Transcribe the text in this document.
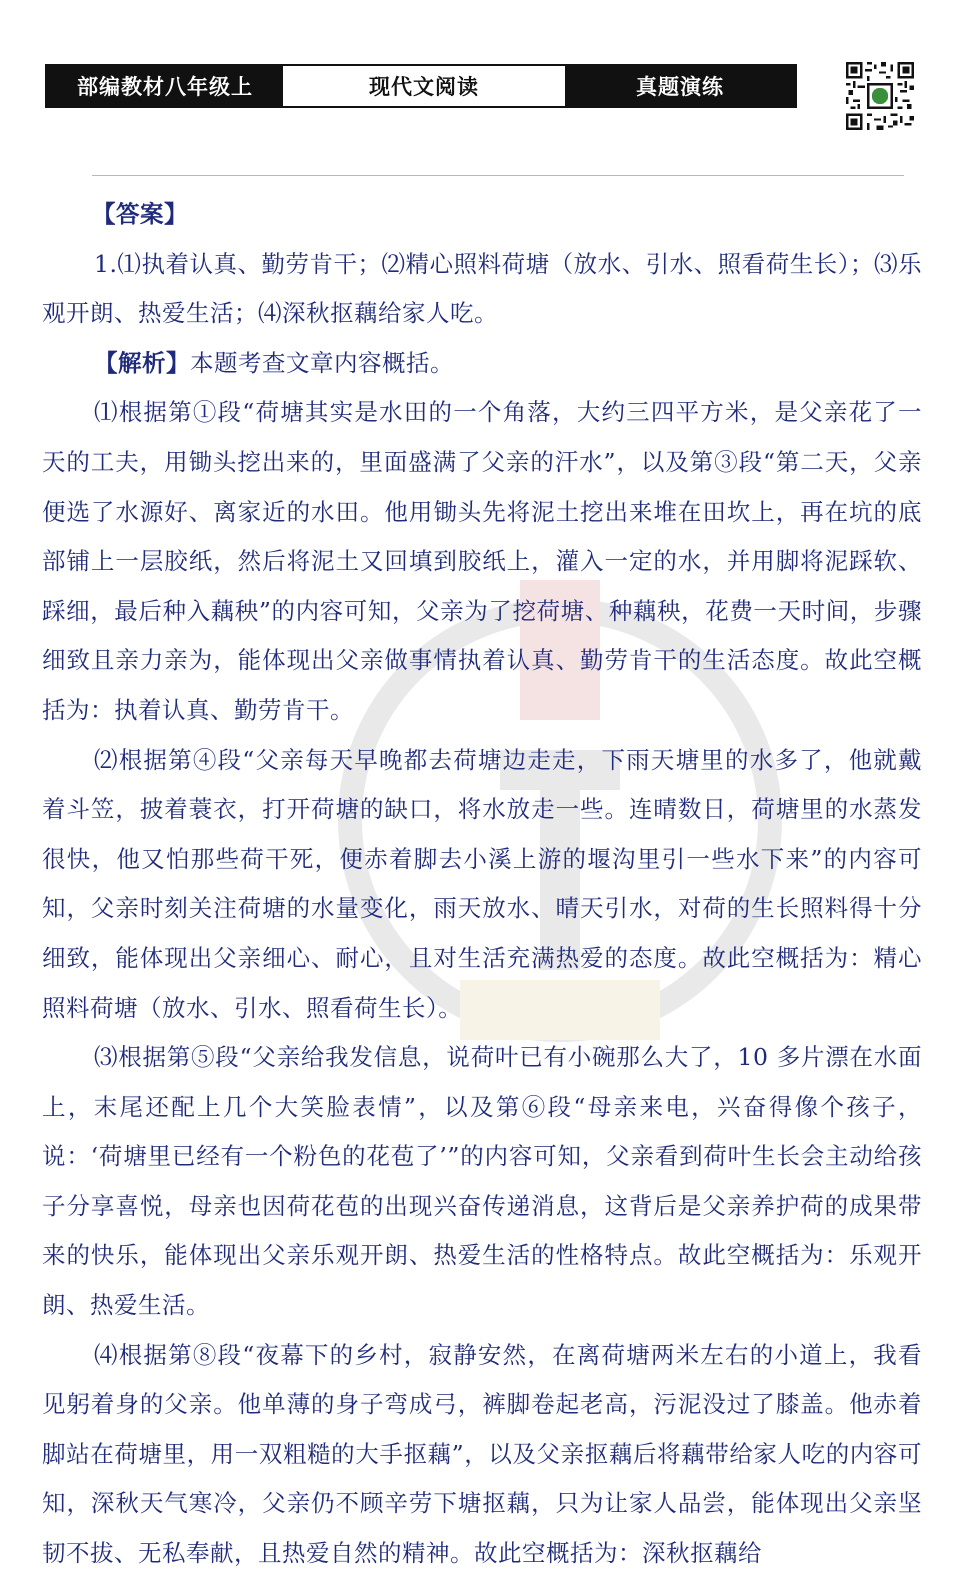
部编教材八年级上	现代文阅读	真题演练

【答案】

1.⑴执着认真、勤劳肯干；⑵精心照料荷塘（放水、引水、照看荷生长）；⑶乐观开朗、热爱生活；⑷深秋抠藕给家人吃。

【解析】本题考查文章内容概括。

⑴根据第①段“荷塘其实是水田的一个角落，大约三四平方米，是父亲花了一天的工夫，用锄头挖出来的，里面盛满了父亲的汗水”，以及第③段“第二天，父亲便选了水源好、离家近的水田。他用锄头先将泥土挖出来堆在田坎上，再在坑的底部铺上一层胶纸，然后将泥土又回填到胶纸上，灌入一定的水，并用脚将泥踩软、踩细，最后种入藕秧”的内容可知，父亲为了挖荷塘、种藕秧，花费一天时间，步骤细致且亲力亲为，能体现出父亲做事情执着认真、勤劳肯干的生活态度。故此空概括为：执着认真、勤劳肯干。

⑵根据第④段“父亲每天早晚都去荷塘边走走，下雨天塘里的水多了，他就戴着斗笠，披着蓑衣，打开荷塘的缺口，将水放走一些。连晴数日，荷塘里的水蒸发很快，他又怕那些荷干死，便赤着脚去小溪上游的堰沟里引一些水下来”的内容可知，父亲时刻关注荷塘的水量变化，雨天放水、晴天引水，对荷的生长照料得十分细致，能体现出父亲细心、耐心，且对生活充满热爱的态度。故此空概括为：精心照料荷塘（放水、引水、照看荷生长）。

⑶根据第⑤段“父亲给我发信息，说荷叶已有小碗那么大了，10 多片漂在水面上，末尾还配上几个大笑脸表情”，以及第⑥段“母亲来电，兴奋得像个孩子，说：‘荷塘里已经有一个粉色的花苞了’”的内容可知，父亲看到荷叶生长会主动给孩子分享喜悦，母亲也因荷花苞的出现兴奋传递消息，这背后是父亲养护荷的成果带来的快乐，能体现出父亲乐观开朗、热爱生活的性格特点。故此空概括为：乐观开朗、热爱生活。

⑷根据第⑧段“夜幕下的乡村，寂静安然，在离荷塘两米左右的小道上，我看见躬着身的父亲。他单薄的身子弯成弓，裤脚卷起老高，污泥没过了膝盖。他赤着脚站在荷塘里，用一双粗糙的大手抠藕”，以及父亲抠藕后将藕带给家人吃的内容可知，深秋天气寒冷，父亲仍不顾辛劳下塘抠藕，只为让家人品尝，能体现出父亲坚韧不拔、无私奉献，且热爱自然的精神。故此空概括为：深秋抠藕给
